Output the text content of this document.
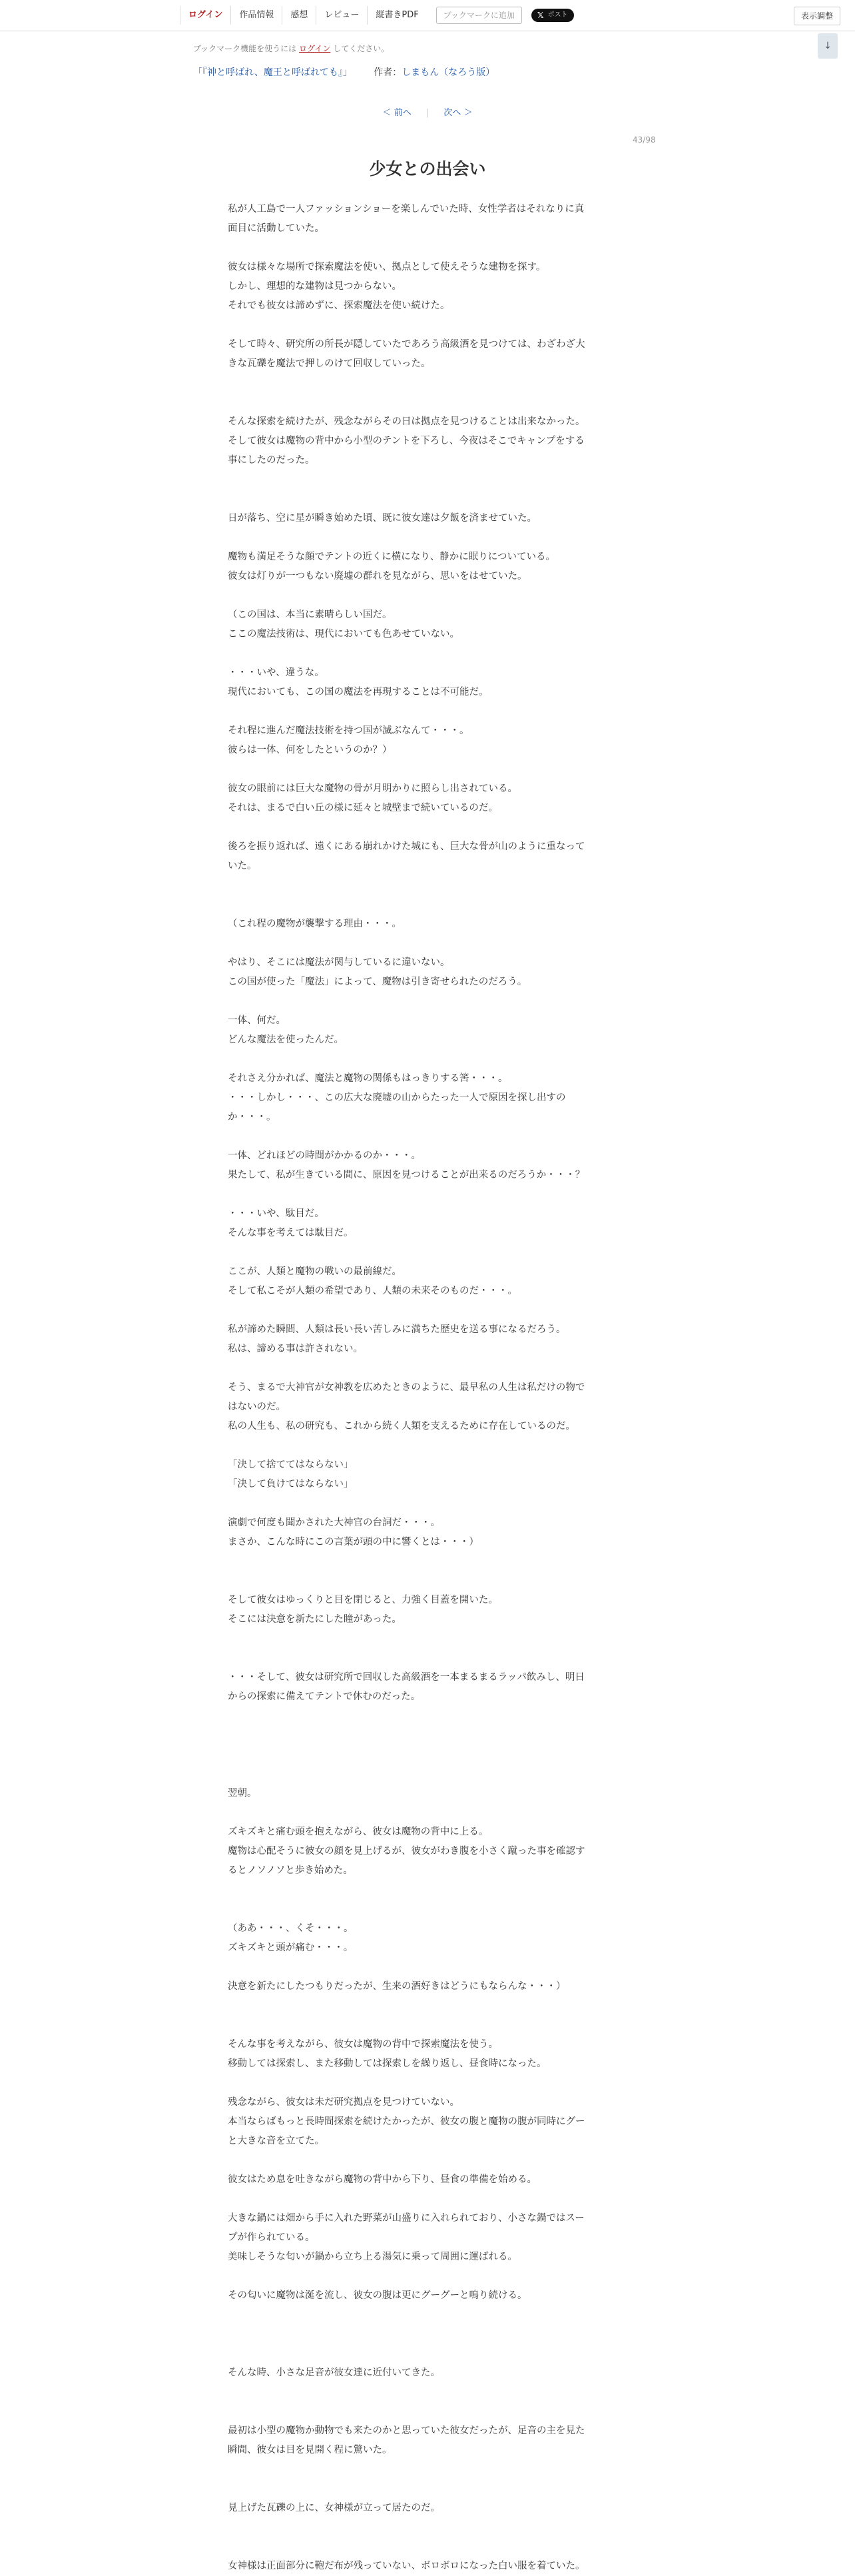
ログイン	作品情報	感想	レビュー	縦書きPDF	ブックマークに追加	𝕏 ポスト	表示調整
ブックマーク機能を使うには ログイン してください。	↓
「『神と呼ばれ、魔王と呼ばれても』」 作者：しまもん（なろう版）
＜ 前へ | 次へ ＞
43/98
少女との出会い

私が人工島で一人ファッションショーを楽しんでいた時、女性学者はそれなりに真

面目に活動していた。

彼女は様々な場所で探索魔法を使い、拠点として使えそうな建物を探す。

しかし、理想的な建物は見つからない。

それでも彼女は諦めずに、探索魔法を使い続けた。

そして時々、研究所の所長が隠していたであろう高級酒を見つけては、わざわざ大

きな瓦礫を魔法で押しのけて回収していった。

そんな探索を続けたが、残念ながらその日は拠点を見つけることは出来なかった。

そして彼女は魔物の背中から小型のテントを下ろし、今夜はそこでキャンプをする

事にしたのだった。

日が落ち、空に星が瞬き始めた頃、既に彼女達は夕飯を済ませていた。

魔物も満足そうな顔でテントの近くに横になり、静かに眠りについている。

彼女は灯りが一つもない廃墟の群れを見ながら、思いをはせていた。

（この国は、本当に素晴らしい国だ。

ここの魔法技術は、現代においても色あせていない。

・・・いや、違うな。

現代においても、この国の魔法を再現することは不可能だ。

それ程に進んだ魔法技術を持つ国が滅ぶなんて・・・。

彼らは一体、何をしたというのか？）

彼女の眼前には巨大な魔物の骨が月明かりに照らし出されている。

それは、まるで白い丘の様に延々と城壁まで続いているのだ。

後ろを振り返れば、遠くにある崩れかけた城にも、巨大な骨が山のように重なって

いた。

（これ程の魔物が襲撃する理由・・・。

やはり、そこには魔法が関与しているに違いない。

この国が使った「魔法」によって、魔物は引き寄せられたのだろう。

一体、何だ。

どんな魔法を使ったんだ。

それさえ分かれば、魔法と魔物の関係もはっきりする筈・・・。

・・・しかし・・・、この広大な廃墟の山からたった一人で原因を探し出すの

か・・・。

一体、どれほどの時間がかかるのか・・・。

果たして、私が生きている間に、原因を見つけることが出来るのだろうか・・・？

・・・いや、駄目だ。

そんな事を考えては駄目だ。

ここが、人類と魔物の戦いの最前線だ。

そして私こそが人類の希望であり、人類の未来そのものだ・・・。

私が諦めた瞬間、人類は長い長い苦しみに満ちた歴史を送る事になるだろう。

私は、諦める事は許されない。

そう、まるで大神官が女神教を広めたときのように、最早私の人生は私だけの物で

はないのだ。

私の人生も、私の研究も、これから続く人類を支えるために存在しているのだ。

「決して捨ててはならない」

「決して負けてはならない」

演劇で何度も聞かされた大神官の台詞だ・・・。

まさか、こんな時にこの言葉が頭の中に響くとは・・・）

そして彼女はゆっくりと目を閉じると、力強く目蓋を開いた。

そこには決意を新たにした瞳があった。

・・・そして、彼女は研究所で回収した高級酒を一本まるまるラッパ飲みし、明日

からの探索に備えてテントで休むのだった。

翌朝。

ズキズキと痛む頭を抱えながら、彼女は魔物の背中に上る。

魔物は心配そうに彼女の顔を見上げるが、彼女がわき腹を小さく蹴った事を確認す

るとノソノソと歩き始めた。

（ああ・・・、くそ・・・。

ズキズキと頭が痛む・・・。

決意を新たにしたつもりだったが、生来の酒好きはどうにもならんな・・・）

そんな事を考えながら、彼女は魔物の背中で探索魔法を使う。

移動しては探索し、また移動しては探索しを繰り返し、昼食時になった。

残念ながら、彼女は未だ研究拠点を見つけていない。

本当ならばもっと長時間探索を続けたかったが、彼女の腹と魔物の腹が同時にグー

と大きな音を立てた。

彼女はため息を吐きながら魔物の背中から下り、昼食の準備を始める。

大きな鍋には畑から手に入れた野菜が山盛りに入れられており、小さな鍋ではスー

プが作られている。

美味しそうな匂いが鍋から立ち上る湯気に乗って周囲に運ばれる。

その匂いに魔物は涎を流し、彼女の腹は更にグーグーと鳴り続ける。

そんな時、小さな足音が彼女達に近付いてきた。

最初は小型の魔物か動物でも来たのかと思っていた彼女だったが、足音の主を見た

瞬間、彼女は目を見開く程に驚いた。

見上げた瓦礫の上に、女神様が立って居たのだ。

女神様は正面部分に鞄だ布が残っていない、ボロボロになった白い服を着ていた。
